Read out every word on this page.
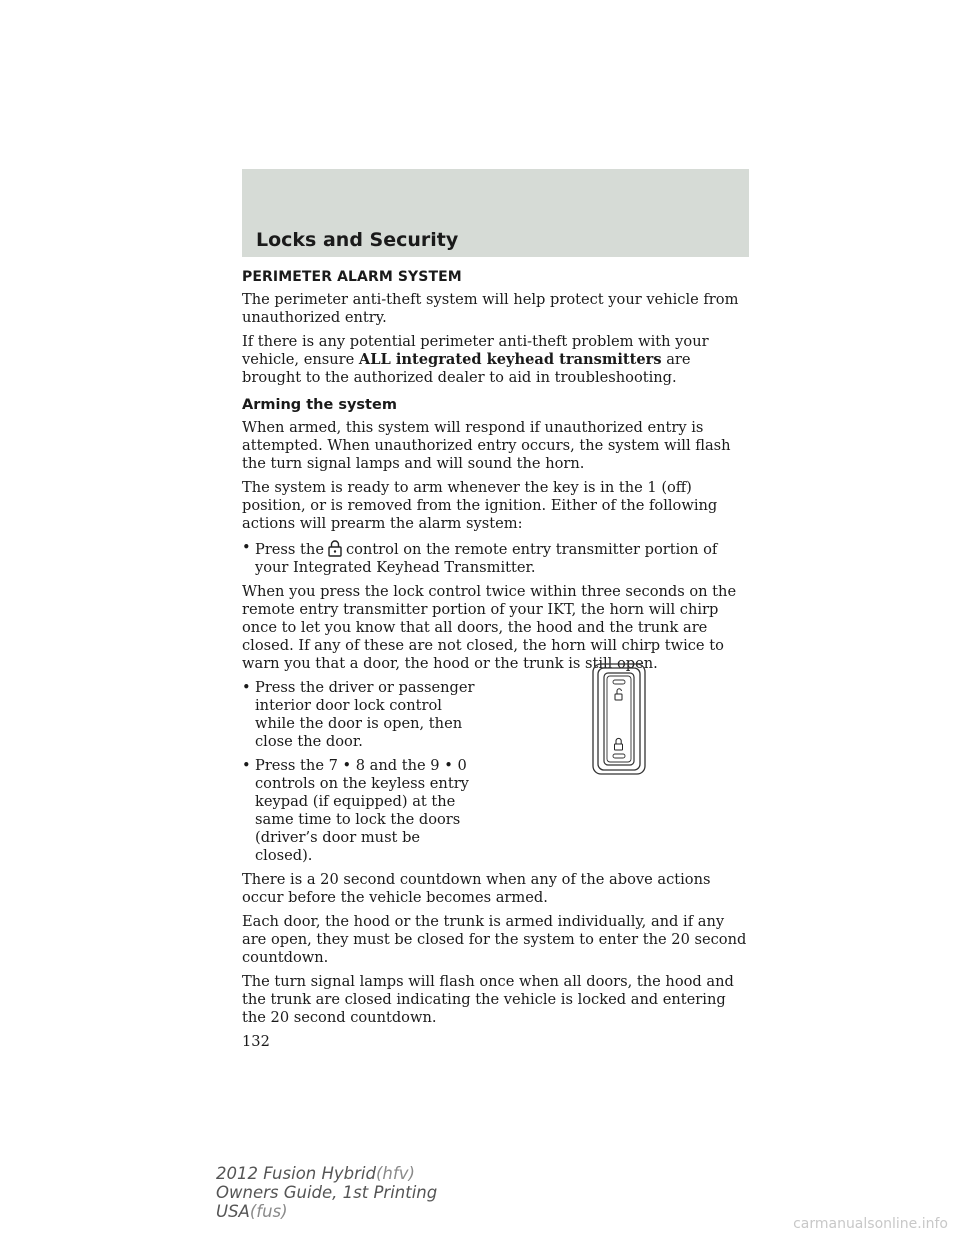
Locks and Security
PERIMETER ALARM SYSTEM

The perimeter anti-theft system will help protect your vehicle from unauthorized entry.

If there is any potential perimeter anti-theft problem with your vehicle, ensure ALL integrated keyhead transmitters are brought to the authorized dealer to aid in troubleshooting.

Arming the system

When armed, this system will respond if unauthorized entry is attempted. When unauthorized entry occurs, the system will flash the turn signal lamps and will sound the horn.

The system is ready to arm whenever the key is in the 1 (off) position, or is removed from the ignition. Either of the following actions will prearm the alarm system:

• Press the control on the remote entry transmitter portion of your Integrated Keyhead Transmitter.

When you press the lock control twice within three seconds on the remote entry transmitter portion of your IKT, the horn will chirp once to let you know that all doors, the hood and the trunk are closed. If any of these are not closed, the horn will chirp twice to warn you that a door, the hood or the trunk is still open.

• Press the driver or passenger interior door lock control while the door is open, then close the door.
• Press the 7 • 8 and the 9 • 0 controls on the keyless entry keypad (if equipped) at the same time to lock the doors (driver’s door must be closed).

There is a 20 second countdown when any of the above actions occur before the vehicle becomes armed.

Each door, the hood or the trunk is armed individually, and if any are open, they must be closed for the system to enter the 20 second countdown.

The turn signal lamps will flash once when all doors, the hood and the trunk are closed indicating the vehicle is locked and entering the 20 second countdown.

132
2012 Fusion Hybrid(hfv)
Owners Guide, 1st Printing
USA(fus)
carmanualsonline.info
